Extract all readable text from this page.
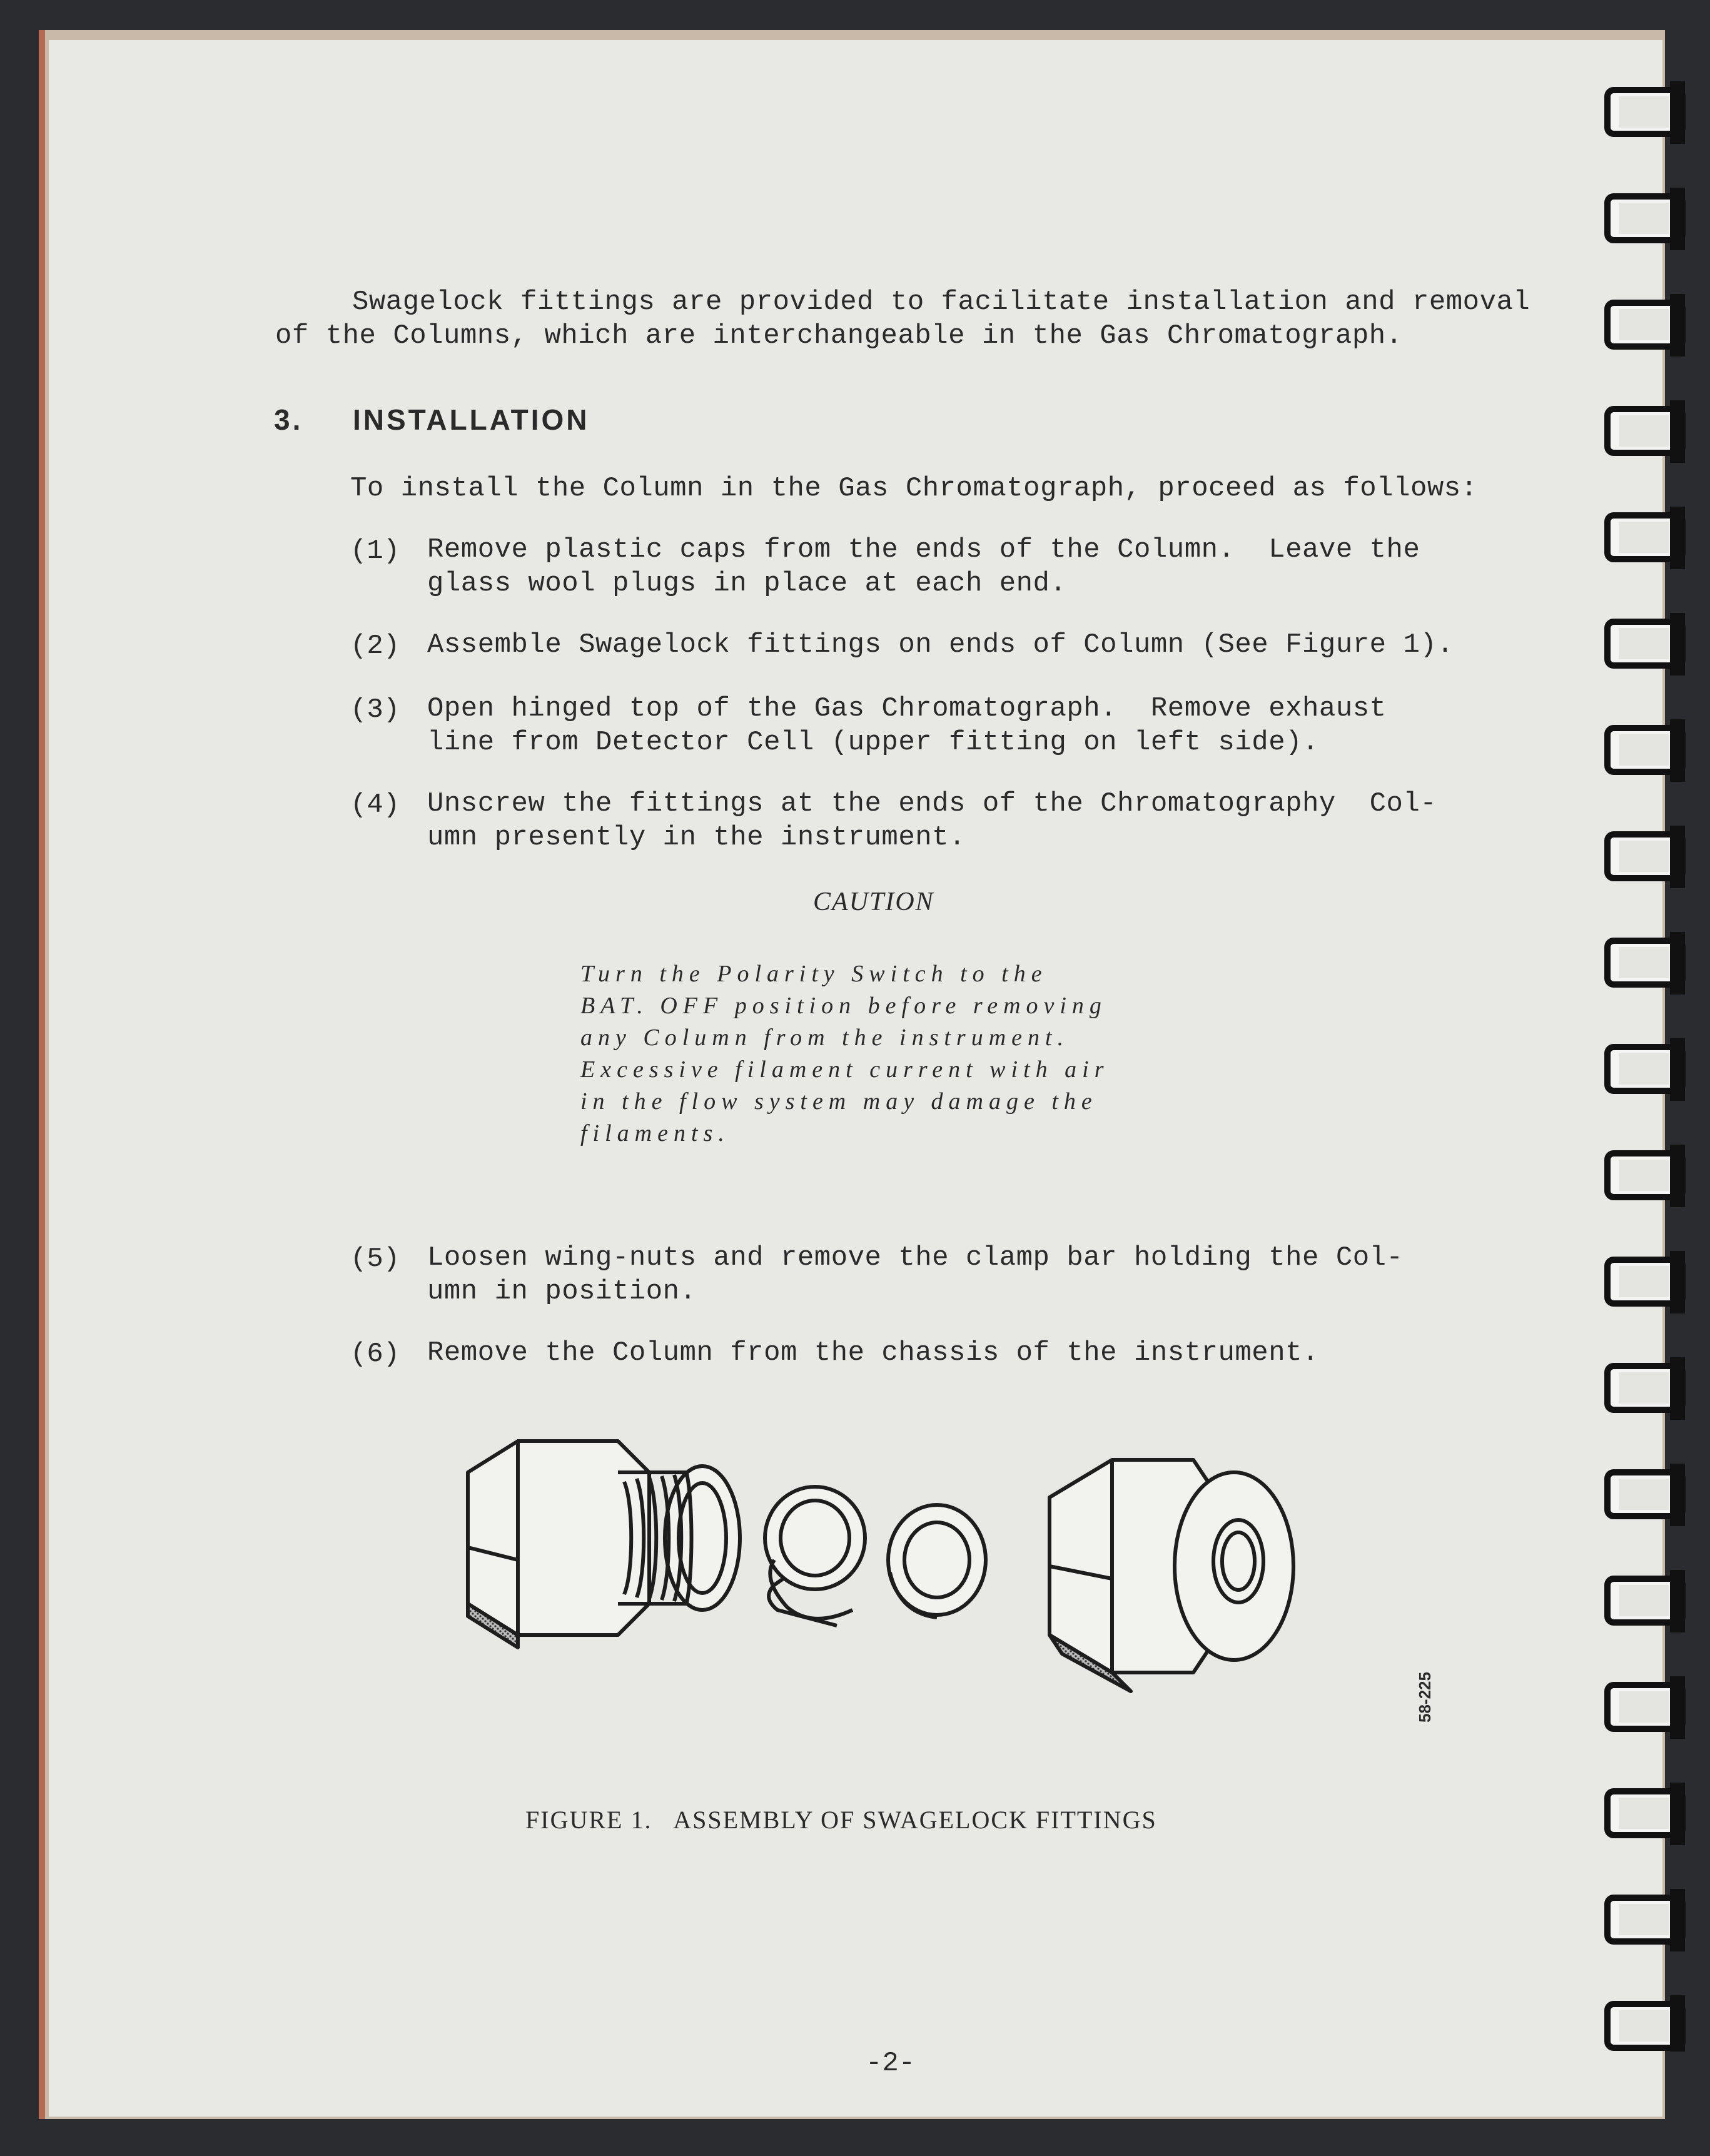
Swagelock fittings are provided to facilitate installation and removal
of the Columns, which are interchangeable in the Gas Chromatograph.
3. INSTALLATION
To install the Column in the Gas Chromatograph, proceed as follows:
(1) Remove plastic caps from the ends of the Column.  Leave the
glass wool plugs in place at each end.
(2) Assemble Swagelock fittings on ends of Column (See Figure 1).
(3) Open hinged top of the Gas Chromatograph.  Remove exhaust
line from Detector Cell (upper fitting on left side).
(4) Unscrew the fittings at the ends of the Chromatography  Col-
umn presently in the instrument.
CAUTION
Turn the Polarity Switch to the
BAT. OFF position before removing
any Column from the instrument.
Excessive filament current with air
in the flow system may damage the
filaments.
(5) Loosen wing-nuts and remove the clamp bar holding the Col-
umn in position.
(6) Remove the Column from the chassis of the instrument.
58-225
FIGURE 1.   ASSEMBLY OF SWAGELOCK FITTINGS
-2-
